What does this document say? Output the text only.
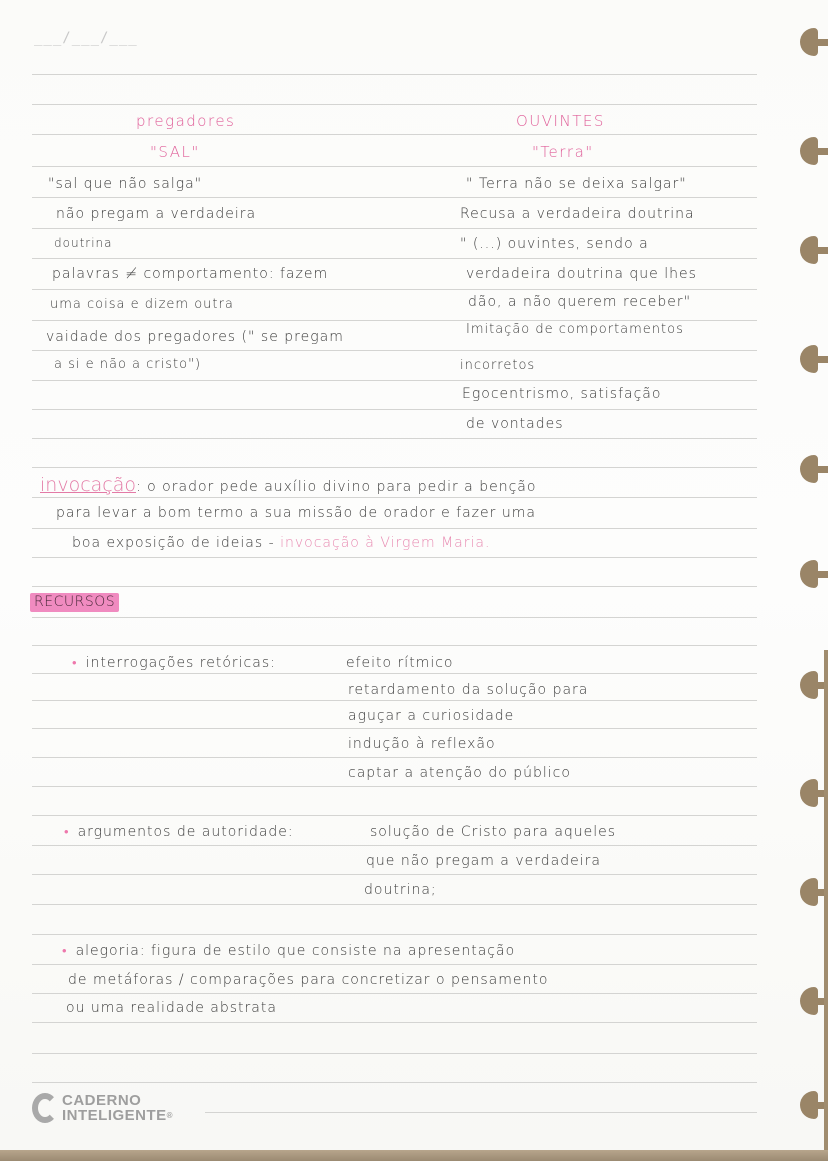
___/___/___
pregadores
"SAL"
"sal que não salga"
não pregam a verdadeira
doutrina
palavras ≠ comportamento: fazem
uma coisa e dizem outra
vaidade dos pregadores (" se pregam
a si e não a cristo")
OUVINTES
"Terra"
" Terra não se deixa salgar"
Recusa a verdadeira doutrina
" (...) ouvintes, sendo a
verdadeira doutrina que lhes
dão, a não querem receber"
Imitação de comportamentos
incorretos
Egocentrismo, satisfação
de vontades
invocação: o orador pede auxílio divino para pedir a benção
para levar a bom termo a sua missão de orador e fazer uma
boa exposição de ideias - invocação à Virgem Maria.
RECURSOS
• interrogações retóricas:	efeito rítmico
retardamento da solução para
aguçar a curiosidade
indução à reflexão
captar a atenção do público
• argumentos de autoridade:	solução de Cristo para aqueles
que não pregam a verdadeira
doutrina;
• alegoria: figura de estilo que consiste na apresentação
de metáforas / comparações para concretizar o pensamento
ou uma realidade abstrata
CADERNO
INTELIGENTE®
